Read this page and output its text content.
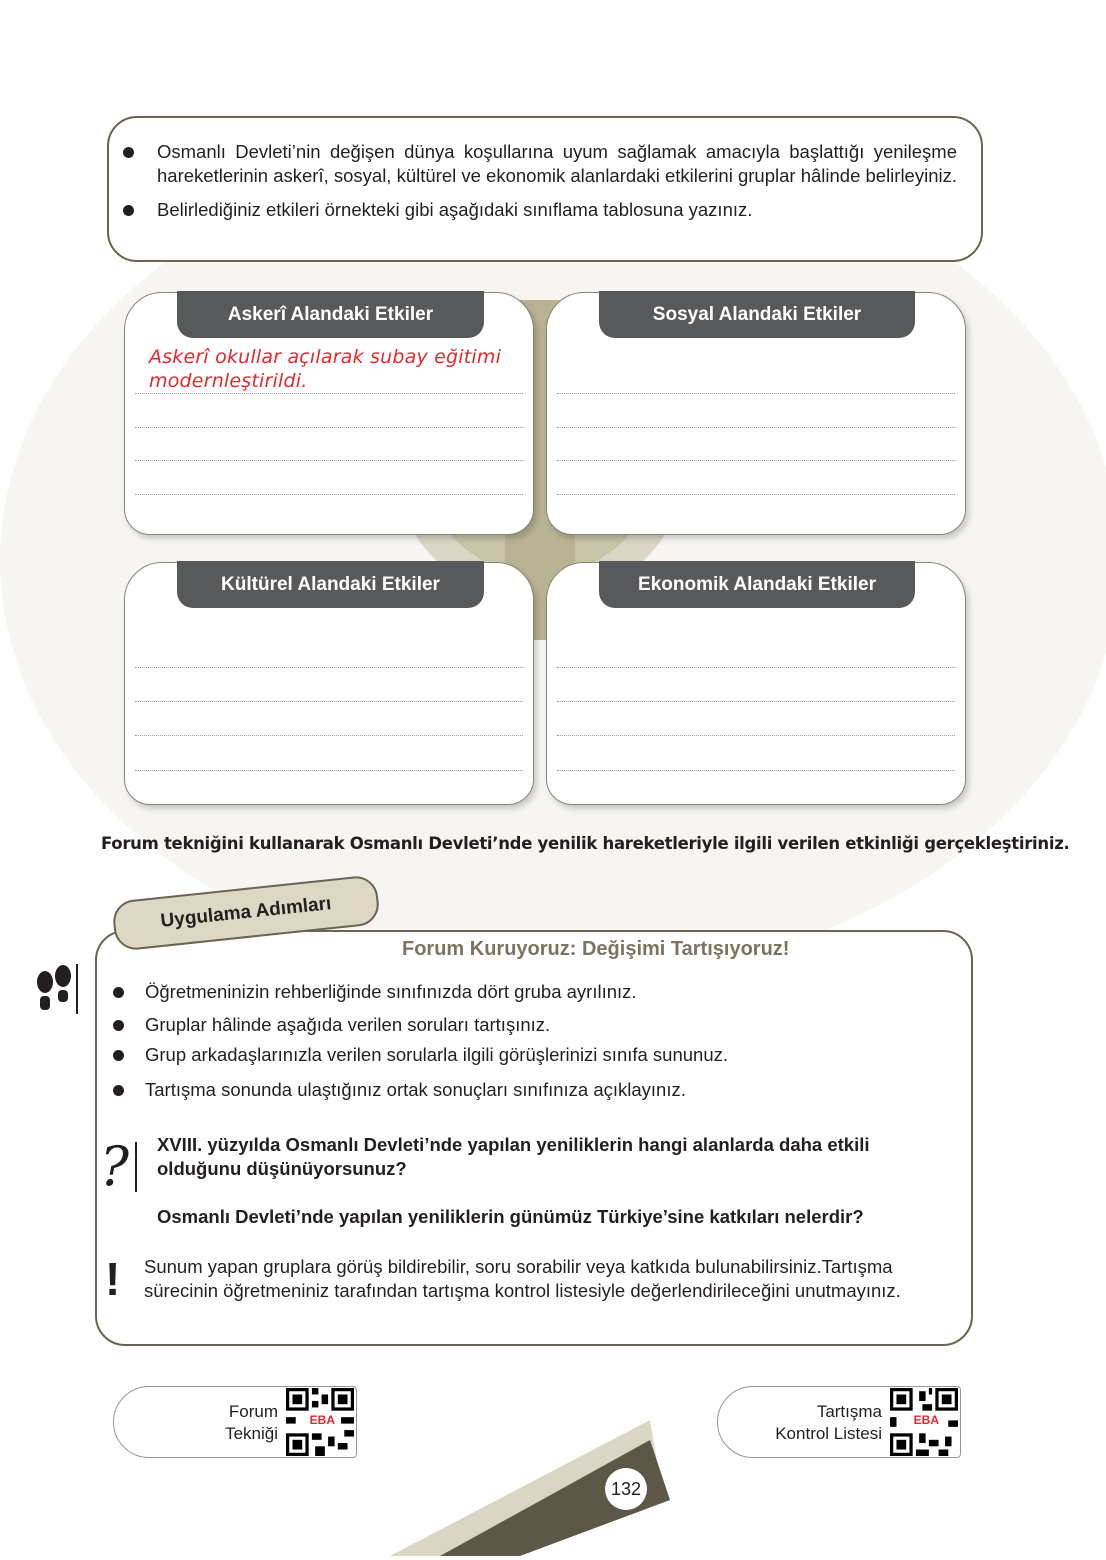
Osmanlı Devleti’nin değişen dünya koşullarına uyum sağlamak amacıyla başlattığı yenileşme hareketlerinin askerî, sosyal, kültürel ve ekonomik alanlardaki etkilerini gruplar hâlinde belirleyiniz.
Belirlediğiniz etkileri örnekteki gibi aşağıdaki sınıflama tablosuna yazınız.
Askerî Alandaki Etkiler
Askerî okullar açılarak subay eğitimi
modernleştirildi.
Sosyal Alandaki Etkiler
Kültürel Alandaki Etkiler	Ekonomik Alandaki Etkiler
Forum tekniğini kullanarak Osmanlı Devleti’nde yenilik hareketleriyle ilgili verilen etkinliği gerçekleştiriniz.
Uygulama Adımları
Forum Kuruyoruz: Değişimi Tartışıyoruz!
Öğretmeninizin rehberliğinde sınıfınızda dört gruba ayrılınız.
Gruplar hâlinde aşağıda verilen soruları tartışınız.
Grup arkadaşlarınızla verilen sorularla ilgili görüşlerinizi sınıfa sununuz.
Tartışma sonunda ulaştığınız ortak sonuçları sınıfınıza açıklayınız.
? XVIII. yüzyılda Osmanlı Devleti’nde yapılan yeniliklerin hangi alanlarda daha etkili olduğunu düşünüyorsunuz?
Osmanlı Devleti’nde yapılan yeniliklerin günümüz Türkiye’sine katkıları nelerdir?
! Sunum yapan gruplara görüş bildirebilir, soru sorabilir veya katkıda bulunabilirsiniz.Tartışma sürecinin öğretmeniniz tarafından tartışma kontrol listesiyle değerlendirileceğini unutmayınız.
Forum
Tekniği
EBA	Tartışma
Kontrol Listesi
EBA
132
